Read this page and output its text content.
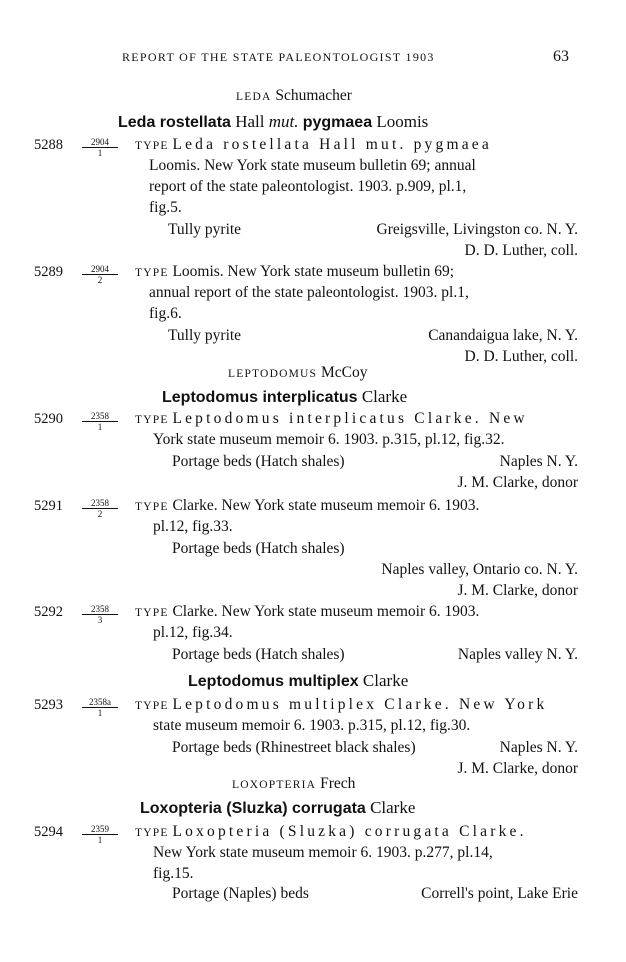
REPORT OF THE STATE PALEONTOLOGIST 1903	63
LEDA Schumacher
Leda rostellata Hall mut. pygmaea Loomis
5288	2904
1
TYPE Leda rostellata Hall mut. pygmaea
Loomis. New York state museum bulletin 69; annual
report of the state paleontologist. 1903. p.909, pl.1,
fig.5.
Tully pyrite	Greigsville, Livingston co. N. Y.
D. D. Luther, coll.
5289	2904
2
TYPE Loomis. New York state museum bulletin 69;
annual report of the state paleontologist. 1903. pl.1,
fig.6.
Tully pyrite	Canandaigua lake, N. Y.
D. D. Luther, coll.
LEPTODOMUS McCoy
Leptodomus interplicatus Clarke
5290	2358
1
TYPE Leptodomus interplicatus Clarke. New
York state museum memoir 6. 1903. p.315, pl.12, fig.32.
Portage beds (Hatch shales)	Naples N. Y.
J. M. Clarke, donor
5291	2358
2
TYPE Clarke. New York state museum memoir 6. 1903.
pl.12, fig.33.
Portage beds (Hatch shales)
Naples valley, Ontario co. N. Y.
J. M. Clarke, donor
5292	2358
3
TYPE Clarke. New York state museum memoir 6. 1903.
pl.12, fig.34.
Portage beds (Hatch shales)	Naples valley N. Y.
Leptodomus multiplex Clarke
5293	2358a
1
TYPE Leptodomus multiplex Clarke. New York
state museum memoir 6. 1903. p.315, pl.12, fig.30.
Portage beds (Rhinestreet black shales)	Naples N. Y.
J. M. Clarke, donor
LOXOPTERIA Frech
Loxopteria (Sluzka) corrugata Clarke
5294	2359
1
TYPE Loxopteria (Sluzka) corrugata Clarke.
New York state museum memoir 6. 1903. p.277, pl.14,
fig.15.
Portage (Naples) beds	Correll's point, Lake Erie
